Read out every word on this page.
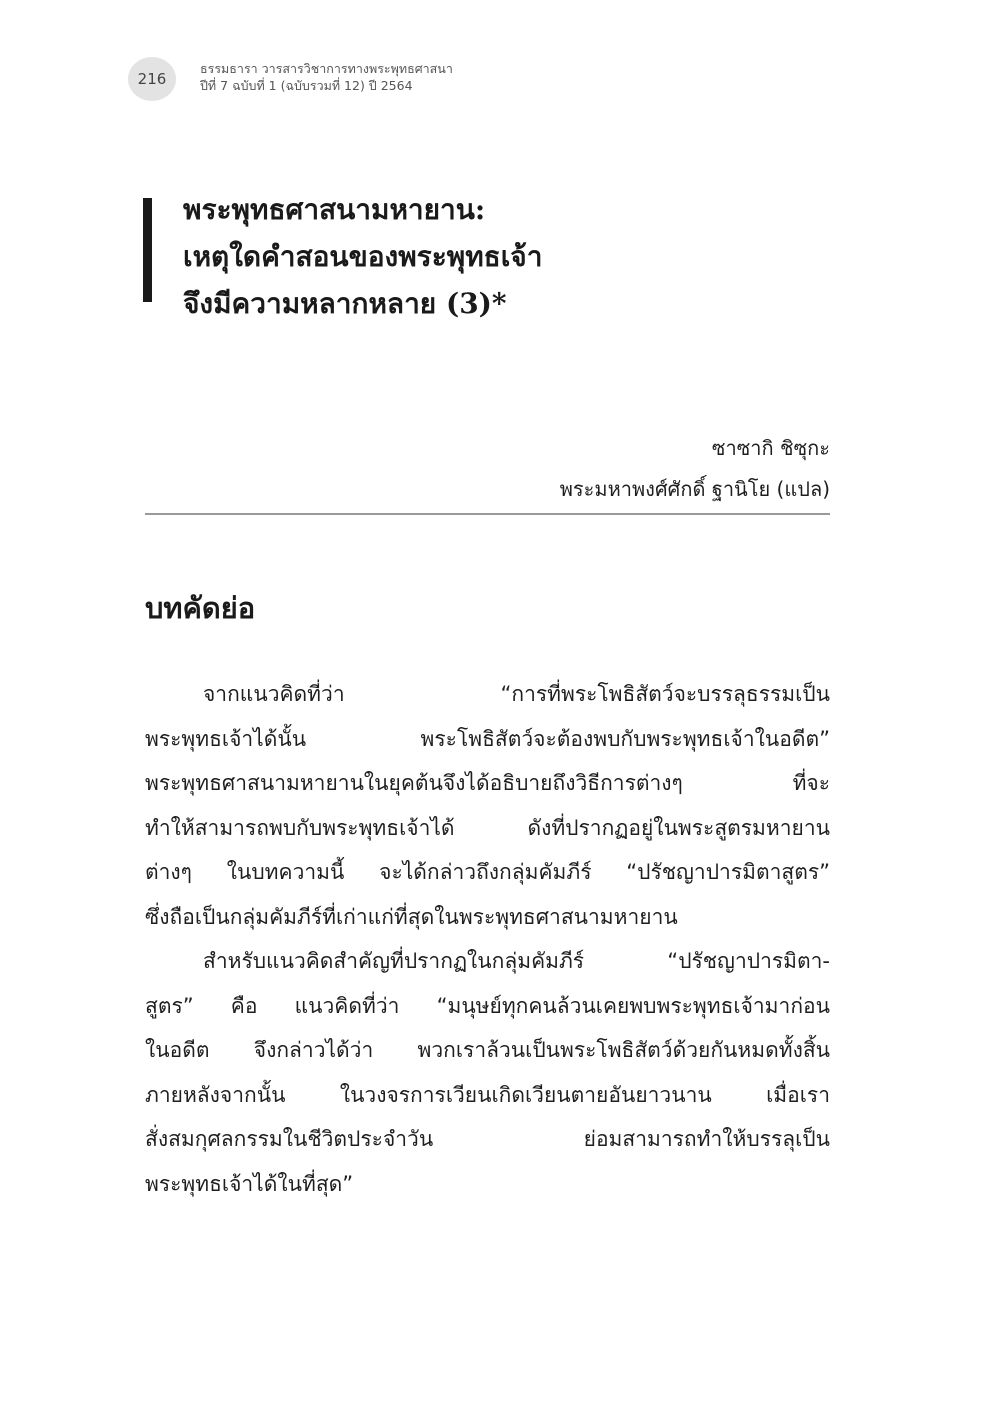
216
ธรรมธารา วารสารวิชาการทางพระพุทธศาสนา
ปีที่ 7 ฉบับที่ 1 (ฉบับรวมที่ 12) ปี 2564
พระพุทธศาสนามหายาน:
เหตุใดคำสอนของพระพุทธเจ้า
จึงมีความหลากหลาย (3)*
ซาซากิ ชิซุกะ
พระมหาพงศ์ศักดิ์ ฐานิโย (แปล)
บทคัดย่อ
จากแนวคิดที่ว่า “การที่พระโพธิสัตว์จะบรรลุธรรมเป็น
พระพุทธเจ้าได้นั้น พระโพธิสัตว์จะต้องพบกับพระพุทธเจ้าในอดีต”
พระพุทธศาสนามหายานในยุคต้นจึงได้อธิบายถึงวิธีการต่างๆ ที่จะ
ทำให้สามารถพบกับพระพุทธเจ้าได้ ดังที่ปรากฏอยู่ในพระสูตรมหายาน
ต่างๆ ในบทความนี้ จะได้กล่าวถึงกลุ่มคัมภีร์ “ปรัชญาปารมิตาสูตร”
ซึ่งถือเป็นกลุ่มคัมภีร์ที่เก่าแก่ที่สุดในพระพุทธศาสนามหายาน
สำหรับแนวคิดสำคัญที่ปรากฏในกลุ่มคัมภีร์ “ปรัชญาปารมิตา-
สูตร” คือ แนวคิดที่ว่า “มนุษย์ทุกคนล้วนเคยพบพระพุทธเจ้ามาก่อน
ในอดีต จึงกล่าวได้ว่า พวกเราล้วนเป็นพระโพธิสัตว์ด้วยกันหมดทั้งสิ้น
ภายหลังจากนั้น ในวงจรการเวียนเกิดเวียนตายอันยาวนาน เมื่อเรา
สั่งสมกุศลกรรมในชีวิตประจำวัน ย่อมสามารถทำให้บรรลุเป็น
พระพุทธเจ้าได้ในที่สุด”
